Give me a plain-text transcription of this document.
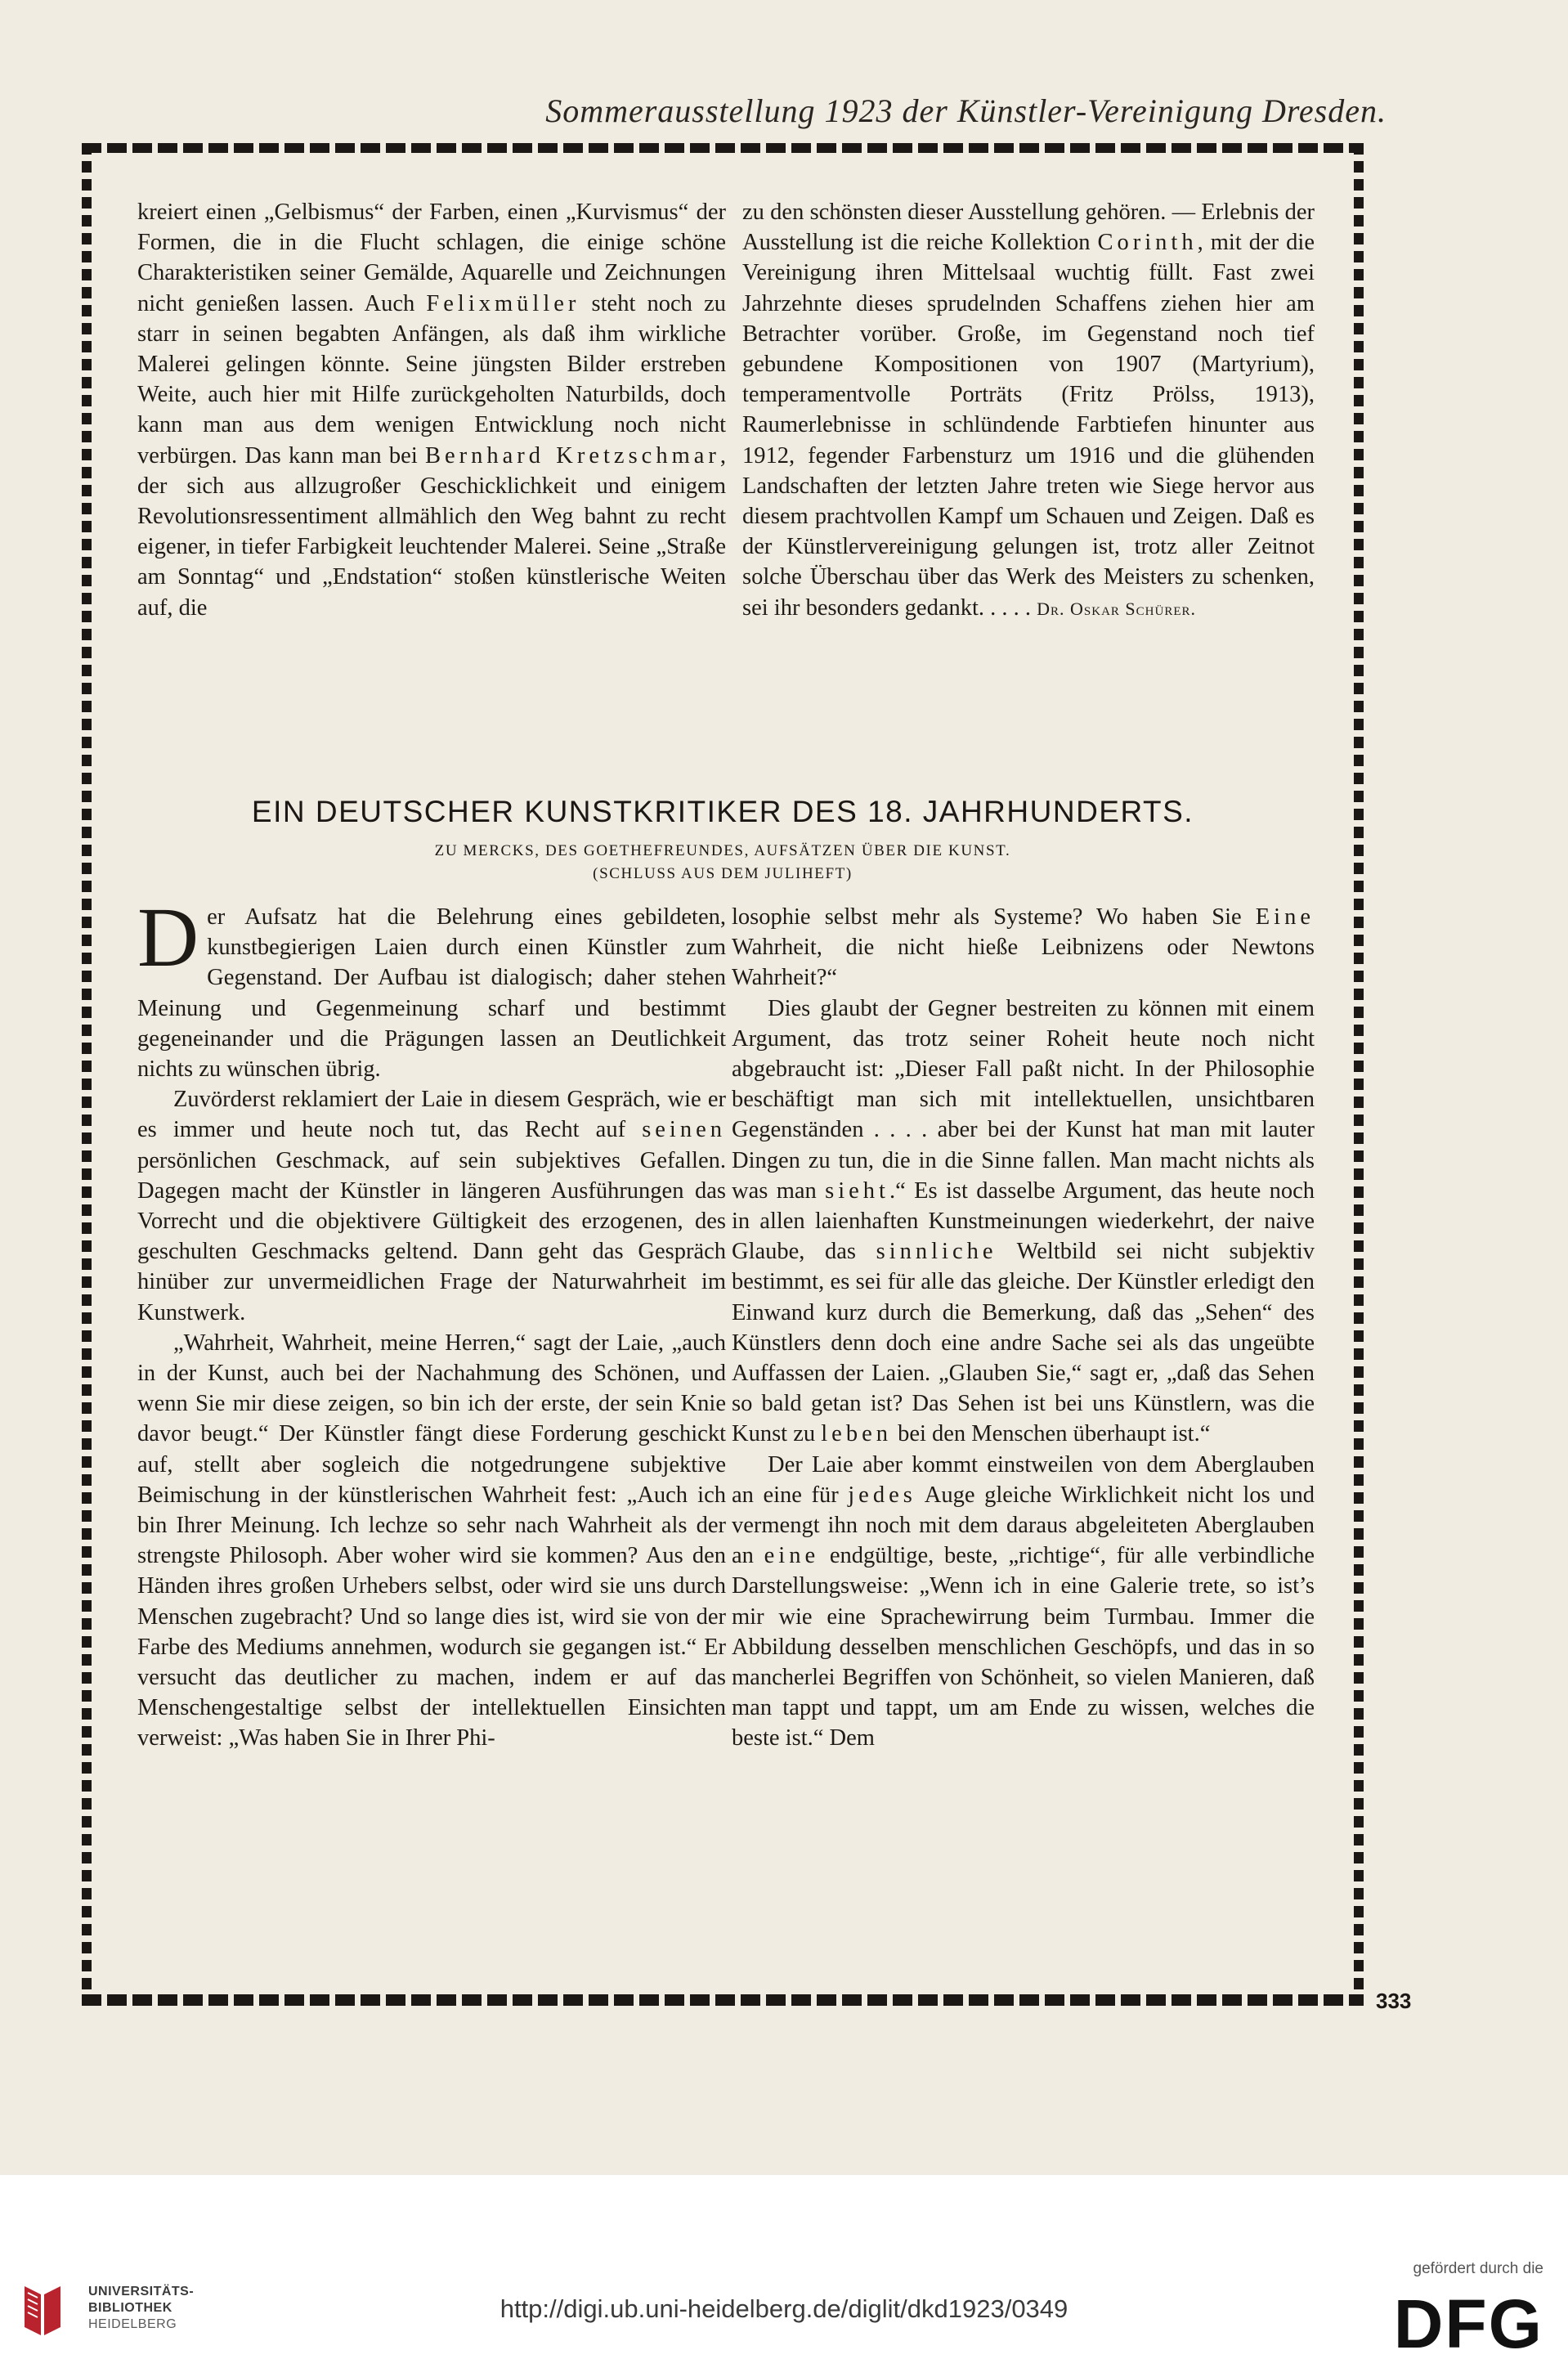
Sommerausstellung 1923 der Künstler-Vereinigung Dresden.
333

kreiert einen „Gelbismus“ der Farben, einen „Kurvismus“ der Formen, die in die Flucht schlagen, die einige schöne Charakteristiken seiner Gemälde, Aquarelle und Zeichnungen nicht genießen lassen. Auch Felixmüller steht noch zu starr in seinen begabten Anfängen, als daß ihm wirkliche Malerei gelingen könnte. Seine jüngsten Bilder erstreben Weite, auch hier mit Hilfe zurückgeholten Naturbilds, doch kann man aus dem wenigen Entwicklung noch nicht verbürgen. Das kann man bei Bernhard Kretzschmar, der sich aus allzugroßer Geschicklichkeit und einigem Revolutionsressentiment allmählich den Weg bahnt zu recht eigener, in tiefer Farbigkeit leuchtender Malerei. Seine „Straße am Sonntag“ und „Endstation“ stoßen künstlerische Weiten auf, die

zu den schönsten dieser Ausstellung gehören. — Erlebnis der Ausstellung ist die reiche Kollektion Corinth, mit der die Vereinigung ihren Mittelsaal wuchtig füllt. Fast zwei Jahrzehnte dieses sprudelnden Schaffens ziehen hier am Betrachter vorüber. Große, im Gegenstand noch tief gebundene Kompositionen von 1907 (Martyrium), temperamentvolle Porträts (Fritz Prölss, 1913), Raumerlebnisse in schlündende Farbtiefen hinunter aus 1912, fegender Farbensturz um 1916 und die glühenden Landschaften der letzten Jahre treten wie Siege hervor aus diesem prachtvollen Kampf um Schauen und Zeigen. Daß es der Künstlervereinigung gelungen ist, trotz aller Zeitnot solche Überschau über das Werk des Meisters zu schenken, sei ihr besonders gedankt. . . . . Dr. Oskar Schürer.

EIN DEUTSCHER KUNSTKRITIKER DES 18. JAHRHUNDERTS.
ZU MERCKS, DES GOETHEFREUNDES, AUFSÄTZEN ÜBER DIE KUNST.
(SCHLUSS AUS DEM JULIHEFT)

Der Aufsatz hat die Belehrung eines gebildeten, kunstbegierigen Laien durch einen Künstler zum Gegenstand. Der Aufbau ist dialogisch; daher stehen Meinung und Gegenmeinung scharf und bestimmt gegeneinander und die Prägungen lassen an Deutlichkeit nichts zu wünschen übrig.

Zuvörderst reklamiert der Laie in diesem Gespräch, wie er es immer und heute noch tut, das Recht auf seinen persönlichen Geschmack, auf sein subjektives Gefallen. Dagegen macht der Künstler in längeren Ausführungen das Vorrecht und die objektivere Gültigkeit des erzogenen, des geschulten Geschmacks geltend. Dann geht das Gespräch hinüber zur unvermeidlichen Frage der Naturwahrheit im Kunstwerk.

„Wahrheit, Wahrheit, meine Herren,“ sagt der Laie, „auch in der Kunst, auch bei der Nachahmung des Schönen, und wenn Sie mir diese zeigen, so bin ich der erste, der sein Knie davor beugt.“ Der Künstler fängt diese Forderung geschickt auf, stellt aber sogleich die notgedrungene subjektive Beimischung in der künstlerischen Wahrheit fest: „Auch ich bin Ihrer Meinung. Ich lechze so sehr nach Wahrheit als der strengste Philosoph. Aber woher wird sie kommen? Aus den Händen ihres großen Urhebers selbst, oder wird sie uns durch Menschen zugebracht? Und so lange dies ist, wird sie von der Farbe des Mediums annehmen, wodurch sie gegangen ist.“ Er versucht das deutlicher zu machen, indem er auf das Menschengestaltige selbst der intellektuellen Einsichten verweist: „Was haben Sie in Ihrer Phi-

losophie selbst mehr als Systeme? Wo haben Sie Eine Wahrheit, die nicht hieße Leibnizens oder Newtons Wahrheit?“

Dies glaubt der Gegner bestreiten zu können mit einem Argument, das trotz seiner Roheit heute noch nicht abgebraucht ist: „Dieser Fall paßt nicht. In der Philosophie beschäftigt man sich mit intellektuellen, unsichtbaren Gegenständen . . . . aber bei der Kunst hat man mit lauter Dingen zu tun, die in die Sinne fallen. Man macht nichts als was man sieht.“ Es ist dasselbe Argument, das heute noch in allen laienhaften Kunstmeinungen wiederkehrt, der naive Glaube, das sinnliche Weltbild sei nicht subjektiv bestimmt, es sei für alle das gleiche. Der Künstler erledigt den Einwand kurz durch die Bemerkung, daß das „Sehen“ des Künstlers denn doch eine andre Sache sei als das ungeübte Auffassen der Laien. „Glauben Sie,“ sagt er, „daß das Sehen so bald getan ist? Das Sehen ist bei uns Künstlern, was die Kunst zu leben bei den Menschen überhaupt ist.“

Der Laie aber kommt einstweilen von dem Aberglauben an eine für jedes Auge gleiche Wirklichkeit nicht los und vermengt ihn noch mit dem daraus abgeleiteten Aberglauben an eine endgültige, beste, „richtige“, für alle verbindliche Darstellungsweise: „Wenn ich in eine Galerie trete, so ist’s mir wie eine Sprachewirrung beim Turmbau. Immer die Abbildung desselben menschlichen Geschöpfs, und das in so mancherlei Begriffen von Schönheit, so vielen Manieren, daß man tappt und tappt, um am Ende zu wissen, welches die beste ist.“ Dem

UNIVERSITÄTS-
BIBLIOTHEK
HEIDELBERG
http://digi.ub.uni-heidelberg.de/diglit/dkd1923/0349
gefördert durch die
DFG
